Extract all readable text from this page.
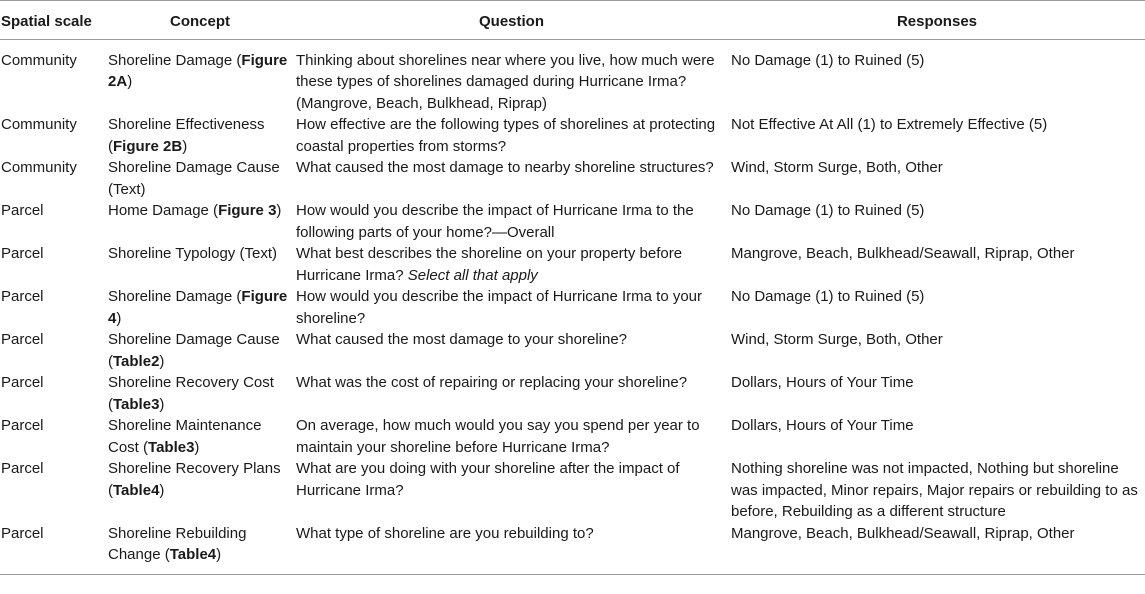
Spatial scale	Concept	Question	Responses
Community	Shoreline Damage (Figure 2A)	Thinking about shorelines near where you live, how much were these types of shorelines damaged during Hurricane Irma? (Mangrove, Beach, Bulkhead, Riprap)	No Damage (1) to Ruined (5)
Community	Shoreline Effectiveness (Figure 2B)	How effective are the following types of shorelines at protecting coastal properties from storms?	Not Effective At All (1) to Extremely Effective (5)
Community	Shoreline Damage Cause (Text)	What caused the most damage to nearby shoreline structures?	Wind, Storm Surge, Both, Other
Parcel	Home Damage (Figure 3)	How would you describe the impact of Hurricane Irma to the following parts of your home?—Overall	No Damage (1) to Ruined (5)
Parcel	Shoreline Typology (Text)	What best describes the shoreline on your property before Hurricane Irma? Select all that apply	Mangrove, Beach, Bulkhead/Seawall, Riprap, Other
Parcel	Shoreline Damage (Figure 4)	How would you describe the impact of Hurricane Irma to your shoreline?	No Damage (1) to Ruined (5)
Parcel	Shoreline Damage Cause (Table2)	What caused the most damage to your shoreline?	Wind, Storm Surge, Both, Other
Parcel	Shoreline Recovery Cost (Table3)	What was the cost of repairing or replacing your shoreline?	Dollars, Hours of Your Time
Parcel	Shoreline Maintenance Cost (Table3)	On average, how much would you say you spend per year to maintain your shoreline before Hurricane Irma?	Dollars, Hours of Your Time
Parcel	Shoreline Recovery Plans (Table4)	What are you doing with your shoreline after the impact of Hurricane Irma?	Nothing shoreline was not impacted, Nothing but shoreline was impacted, Minor repairs, Major repairs or rebuilding to as before, Rebuilding as a different structure
Parcel	Shoreline Rebuilding Change (Table4)	What type of shoreline are you rebuilding to?	Mangrove, Beach, Bulkhead/Seawall, Riprap, Other
